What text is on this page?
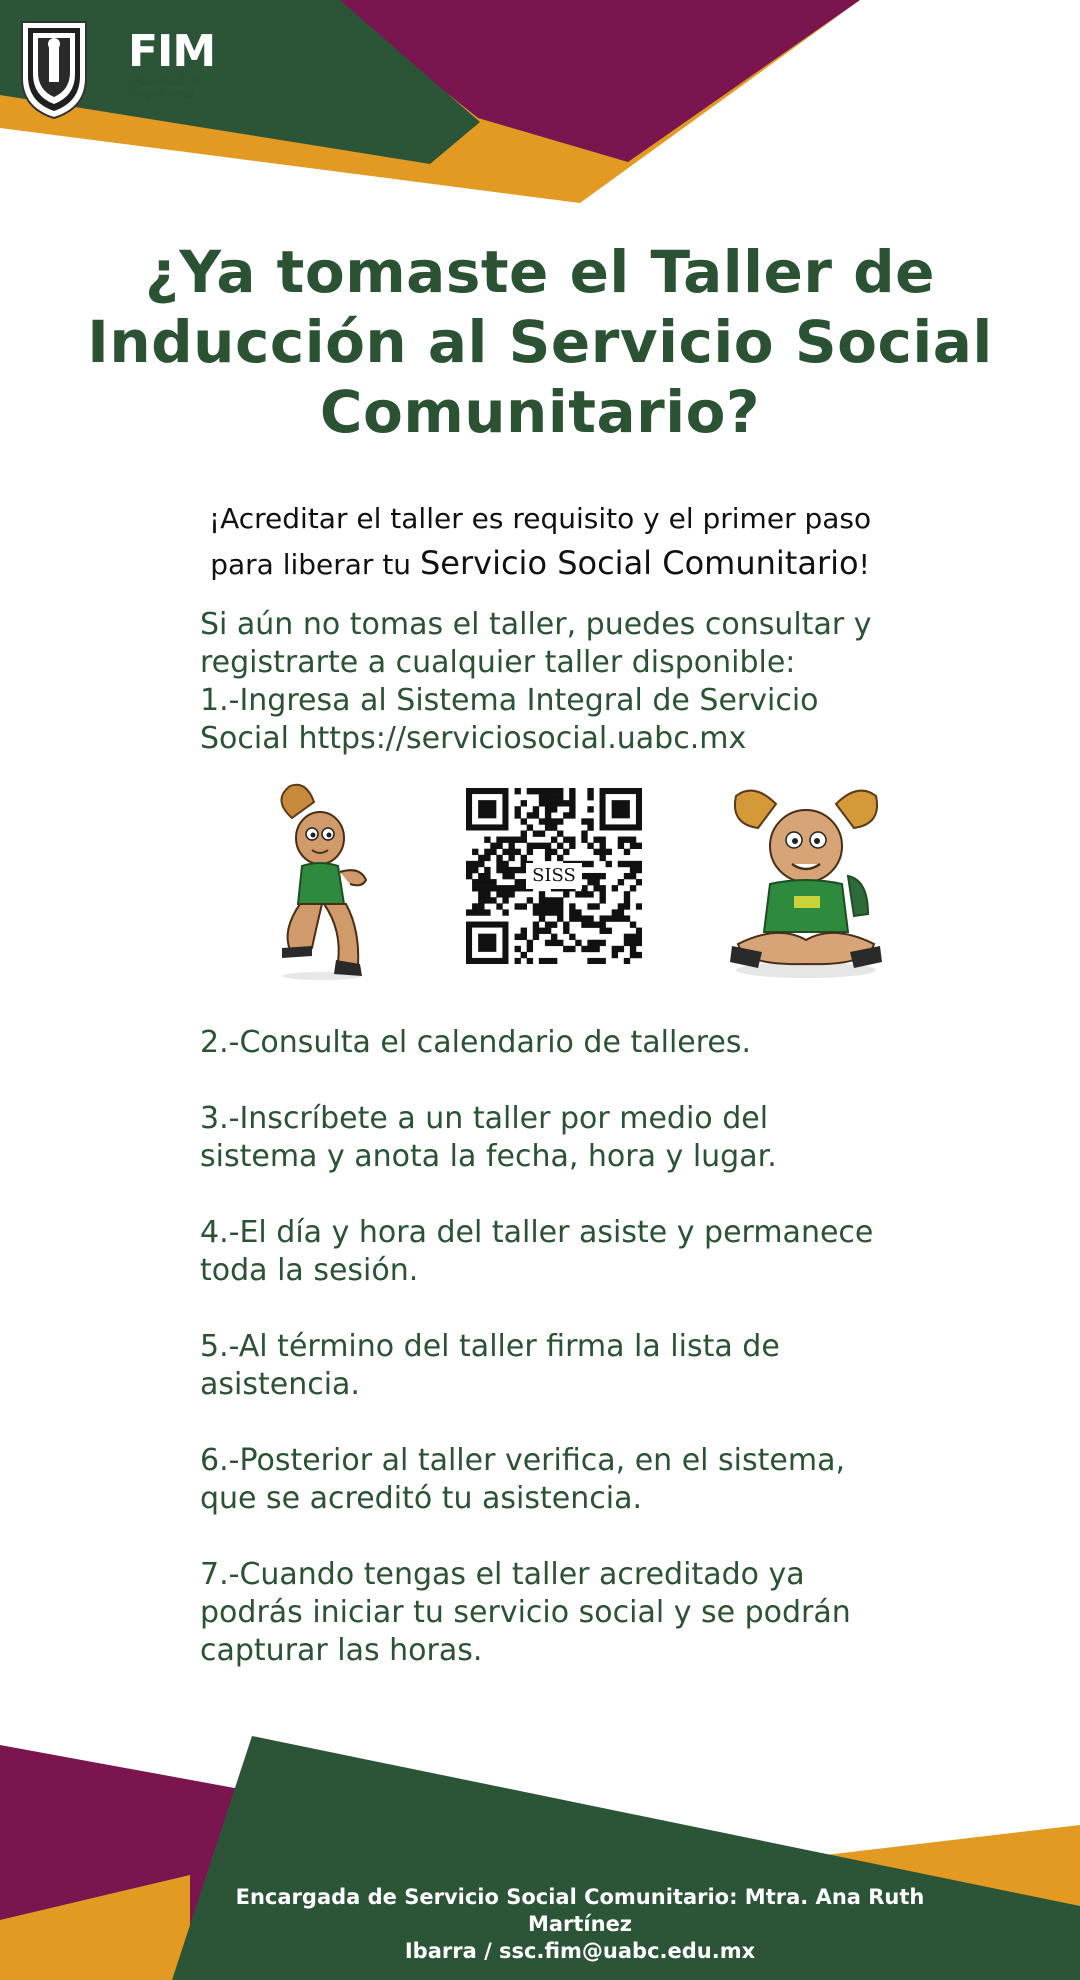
FIM
Facultad de
Ingeniería
¿Ya tomaste el Taller de
Inducción al Servicio Social
Comunitario?
¡Acreditar el taller es requisito y el primer paso
para liberar tu Servicio Social Comunitario!
Si aún no tomas el taller, puedes consultar y
registrarte a cualquier taller disponible:
1.-Ingresa al Sistema Integral de Servicio
Social https://serviciosocial.uabc.mx
SISS
2.-Consulta el calendario de talleres.
3.-Inscríbete a un taller por medio del
sistema y anota la fecha, hora y lugar.
4.-El día y hora del taller asiste y permanece
toda la sesión.
5.-Al término del taller firma la lista de
asistencia.
6.-Posterior al taller verifica, en el sistema,
que se acreditó tu asistencia.
7.-Cuando tengas el taller acreditado ya
podrás iniciar tu servicio social y se podrán
capturar las horas.
Encargada de Servicio Social Comunitario: Mtra. Ana Ruth Martínez
Ibarra / ssc.fim@uabc.edu.mx
